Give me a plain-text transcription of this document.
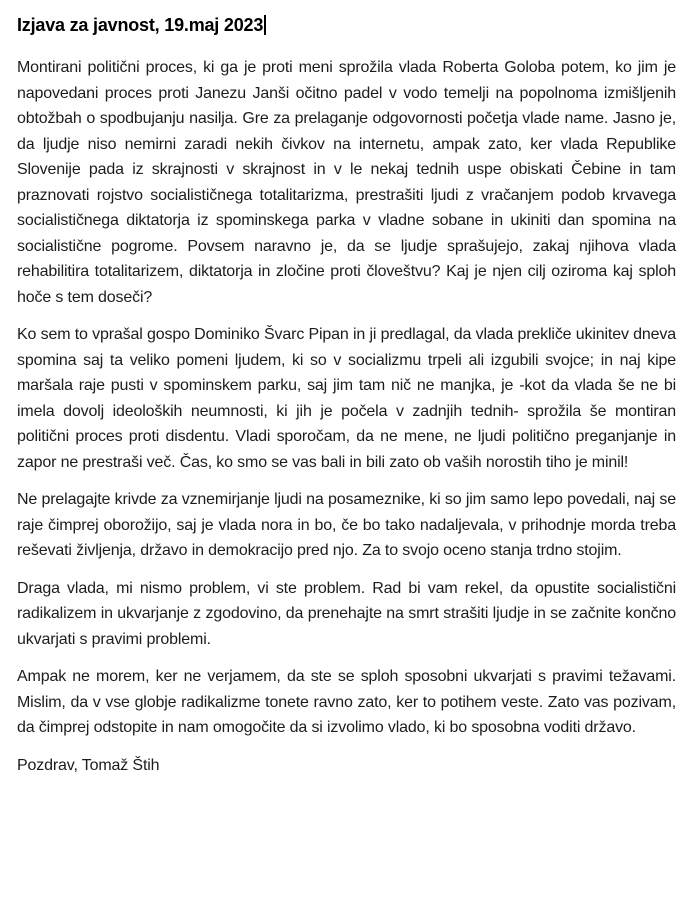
Izjava za javnost, 19.maj 2023

Montirani politični proces, ki ga je proti meni sprožila vlada Roberta Goloba potem, ko jim je napovedani proces proti Janezu Janši očitno padel v vodo temelji na popolnoma izmišljenih obtožbah o spodbujanju nasilja. Gre za prelaganje odgovornosti početja vlade name. Jasno je, da ljudje niso nemirni zaradi nekih čivkov na internetu, ampak zato, ker vlada Republike Slovenije pada iz skrajnosti v skrajnost in v le nekaj tednih uspe obiskati Čebine in tam praznovati rojstvo socialističnega totalitarizma, prestrašiti ljudi z vračanjem podob krvavega socialističnega diktatorja iz spominskega parka v vladne sobane in ukiniti dan spomina na socialistične pogrome. Povsem naravno je, da se ljudje sprašujejo, zakaj njihova vlada rehabilitira totalitarizem, diktatorja in zločine proti človeštvu? Kaj je njen cilj oziroma kaj sploh hoče s tem doseči?

Ko sem to vprašal gospo Dominiko Švarc Pipan in ji predlagal, da vlada prekliče ukinitev dneva spomina saj ta veliko pomeni ljudem, ki so v socializmu trpeli ali izgubili svojce; in naj kipe maršala raje pusti v spominskem parku, saj jim tam nič ne manjka, je -kot da vlada še ne bi imela dovolj ideoloških neumnosti, ki jih je počela v zadnjih tednih- sprožila še montiran politični proces proti disdentu. Vladi sporočam, da ne mene, ne ljudi politično preganjanje in zapor ne prestraši več. Čas, ko smo se vas bali in bili zato ob vaših norostih tiho je minil!

Ne prelagajte krivde za vznemirjanje ljudi na posameznike, ki so jim samo lepo povedali, naj se raje čimprej oborožijo, saj je vlada nora in bo, če bo tako nadaljevala, v prihodnje morda treba reševati življenja, državo in demokracijo pred njo. Za to svojo oceno stanja trdno stojim.

Draga vlada, mi nismo problem, vi ste problem. Rad bi vam rekel, da opustite socialistični radikalizem in ukvarjanje z zgodovino, da prenehajte na smrt strašiti ljudje in se začnite končno ukvarjati s pravimi problemi.

Ampak ne morem, ker ne verjamem, da ste se sploh sposobni ukvarjati s pravimi težavami. Mislim, da v vse globje radikalizme tonete ravno zato, ker to potihem veste. Zato vas pozivam, da čimprej odstopite in nam omogočite da si izvolimo vlado, ki bo sposobna voditi državo.

Pozdrav, Tomaž Štih
